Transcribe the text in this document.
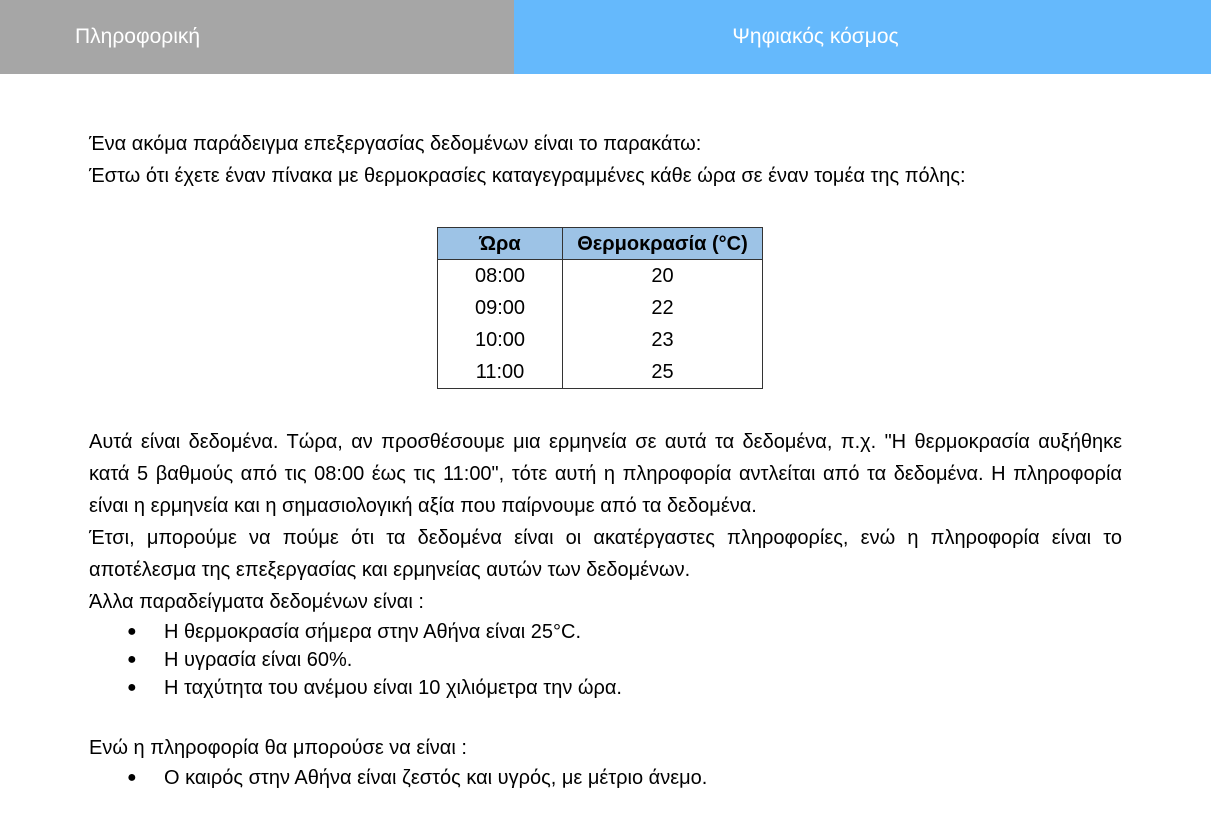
Πληροφορική	Ψηφιακός κόσμος

Ένα ακόμα παράδειγμα επεξεργασίας δεδομένων είναι το παρακάτω:

Έστω ότι έχετε έναν πίνακα με θερμοκρασίες καταγεγραμμένες κάθε ώρα σε έναν τομέα της πόλης:

Ώρα	Θερμοκρασία (°C)
08:00	20
09:00	22
10:00	23
11:00	25

Αυτά είναι δεδομένα. Τώρα, αν προσθέσουμε μια ερμηνεία σε αυτά τα δεδομένα, π.χ. "Η θερμοκρασία αυξήθηκε κατά 5 βαθμούς από τις 08:00 έως τις 11:00", τότε αυτή η πληροφορία αντλείται από τα δεδομένα. Η πληροφορία είναι η ερμηνεία και η σημασιολογική αξία που παίρνουμε από τα δεδομένα.

Έτσι, μπορούμε να πούμε ότι τα δεδομένα είναι οι ακατέργαστες πληροφορίες, ενώ η πληροφορία είναι το αποτέλεσμα της επεξεργασίας και ερμηνείας αυτών των δεδομένων.

Άλλα παραδείγματα δεδομένων είναι :

● Η θερμοκρασία σήμερα στην Αθήνα είναι 25°C.
● Η υγρασία είναι 60%.
● Η ταχύτητα του ανέμου είναι 10 χιλιόμετρα την ώρα.

Ενώ η πληροφορία θα μπορούσε να είναι :

● Ο καιρός στην Αθήνα είναι ζεστός και υγρός, με μέτριο άνεμο.
